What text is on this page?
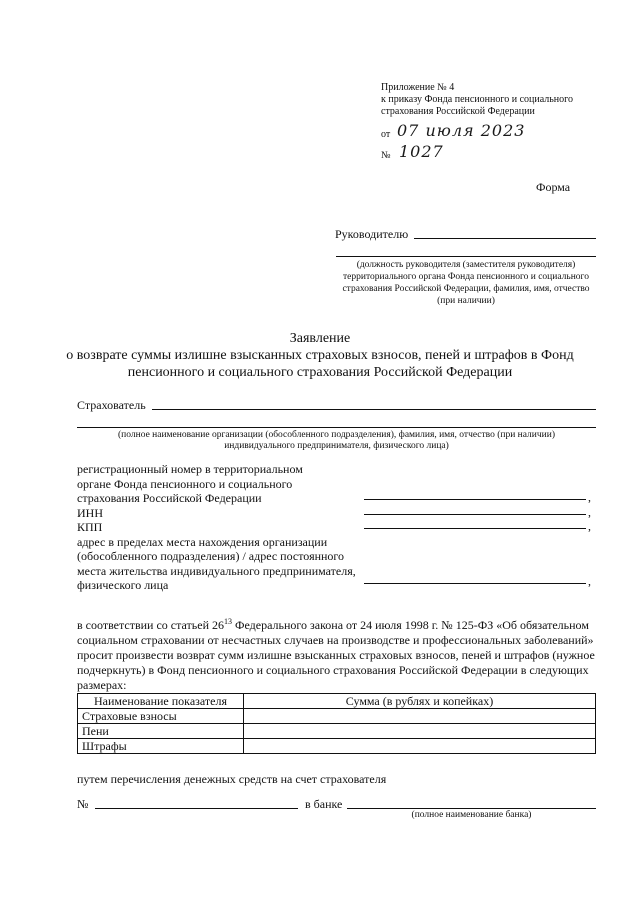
Приложение № 4
к приказу Фонда пенсионного и социального
страхования Российской Федерации
от 07 июля 2023
№ 1027
Форма
Руководителю
(должность руководителя (заместителя руководителя)
территориального органа Фонда пенсионного и социального
страхования Российской Федерации, фамилия, имя, отчество
(при наличии)
Заявление
о возврате суммы излишне взысканных страховых взносов, пеней и штрафов в Фонд
пенсионного и социального страхования Российской Федерации
Страхователь
(полное наименование организации (обособленного подразделения), фамилия, имя, отчество (при наличии)
индивидуального предпринимателя, физического лица)
регистрационный номер в территориальном
органе Фонда пенсионного и социального
страхования Российской Федерации
ИНН
КПП
адрес в пределах места нахождения организации
(обособленного подразделения) / адрес постоянного
места жительства индивидуального предпринимателя,
физического лица
,
,
,
,
в соответствии со статьей $26^{13}$ Федерального закона от 24 июля 1998 г. № 125-ФЗ «Об обязательном
социальном страховании от несчастных случаев на производстве и профессиональных заболеваний»
просит произвести возврат сумм излишне взысканных страховых взносов, пеней и штрафов (нужное
подчеркнуть) в Фонд пенсионного и социального страхования Российской Федерации в следующих
размерах:
Наименование показателя	Сумма (в рублях и копейках)
Страховые взносы	
Пени	
Штрафы	
путем перечисления денежных средств на счет страхователя
№	в банке
(полное наименование банка)
